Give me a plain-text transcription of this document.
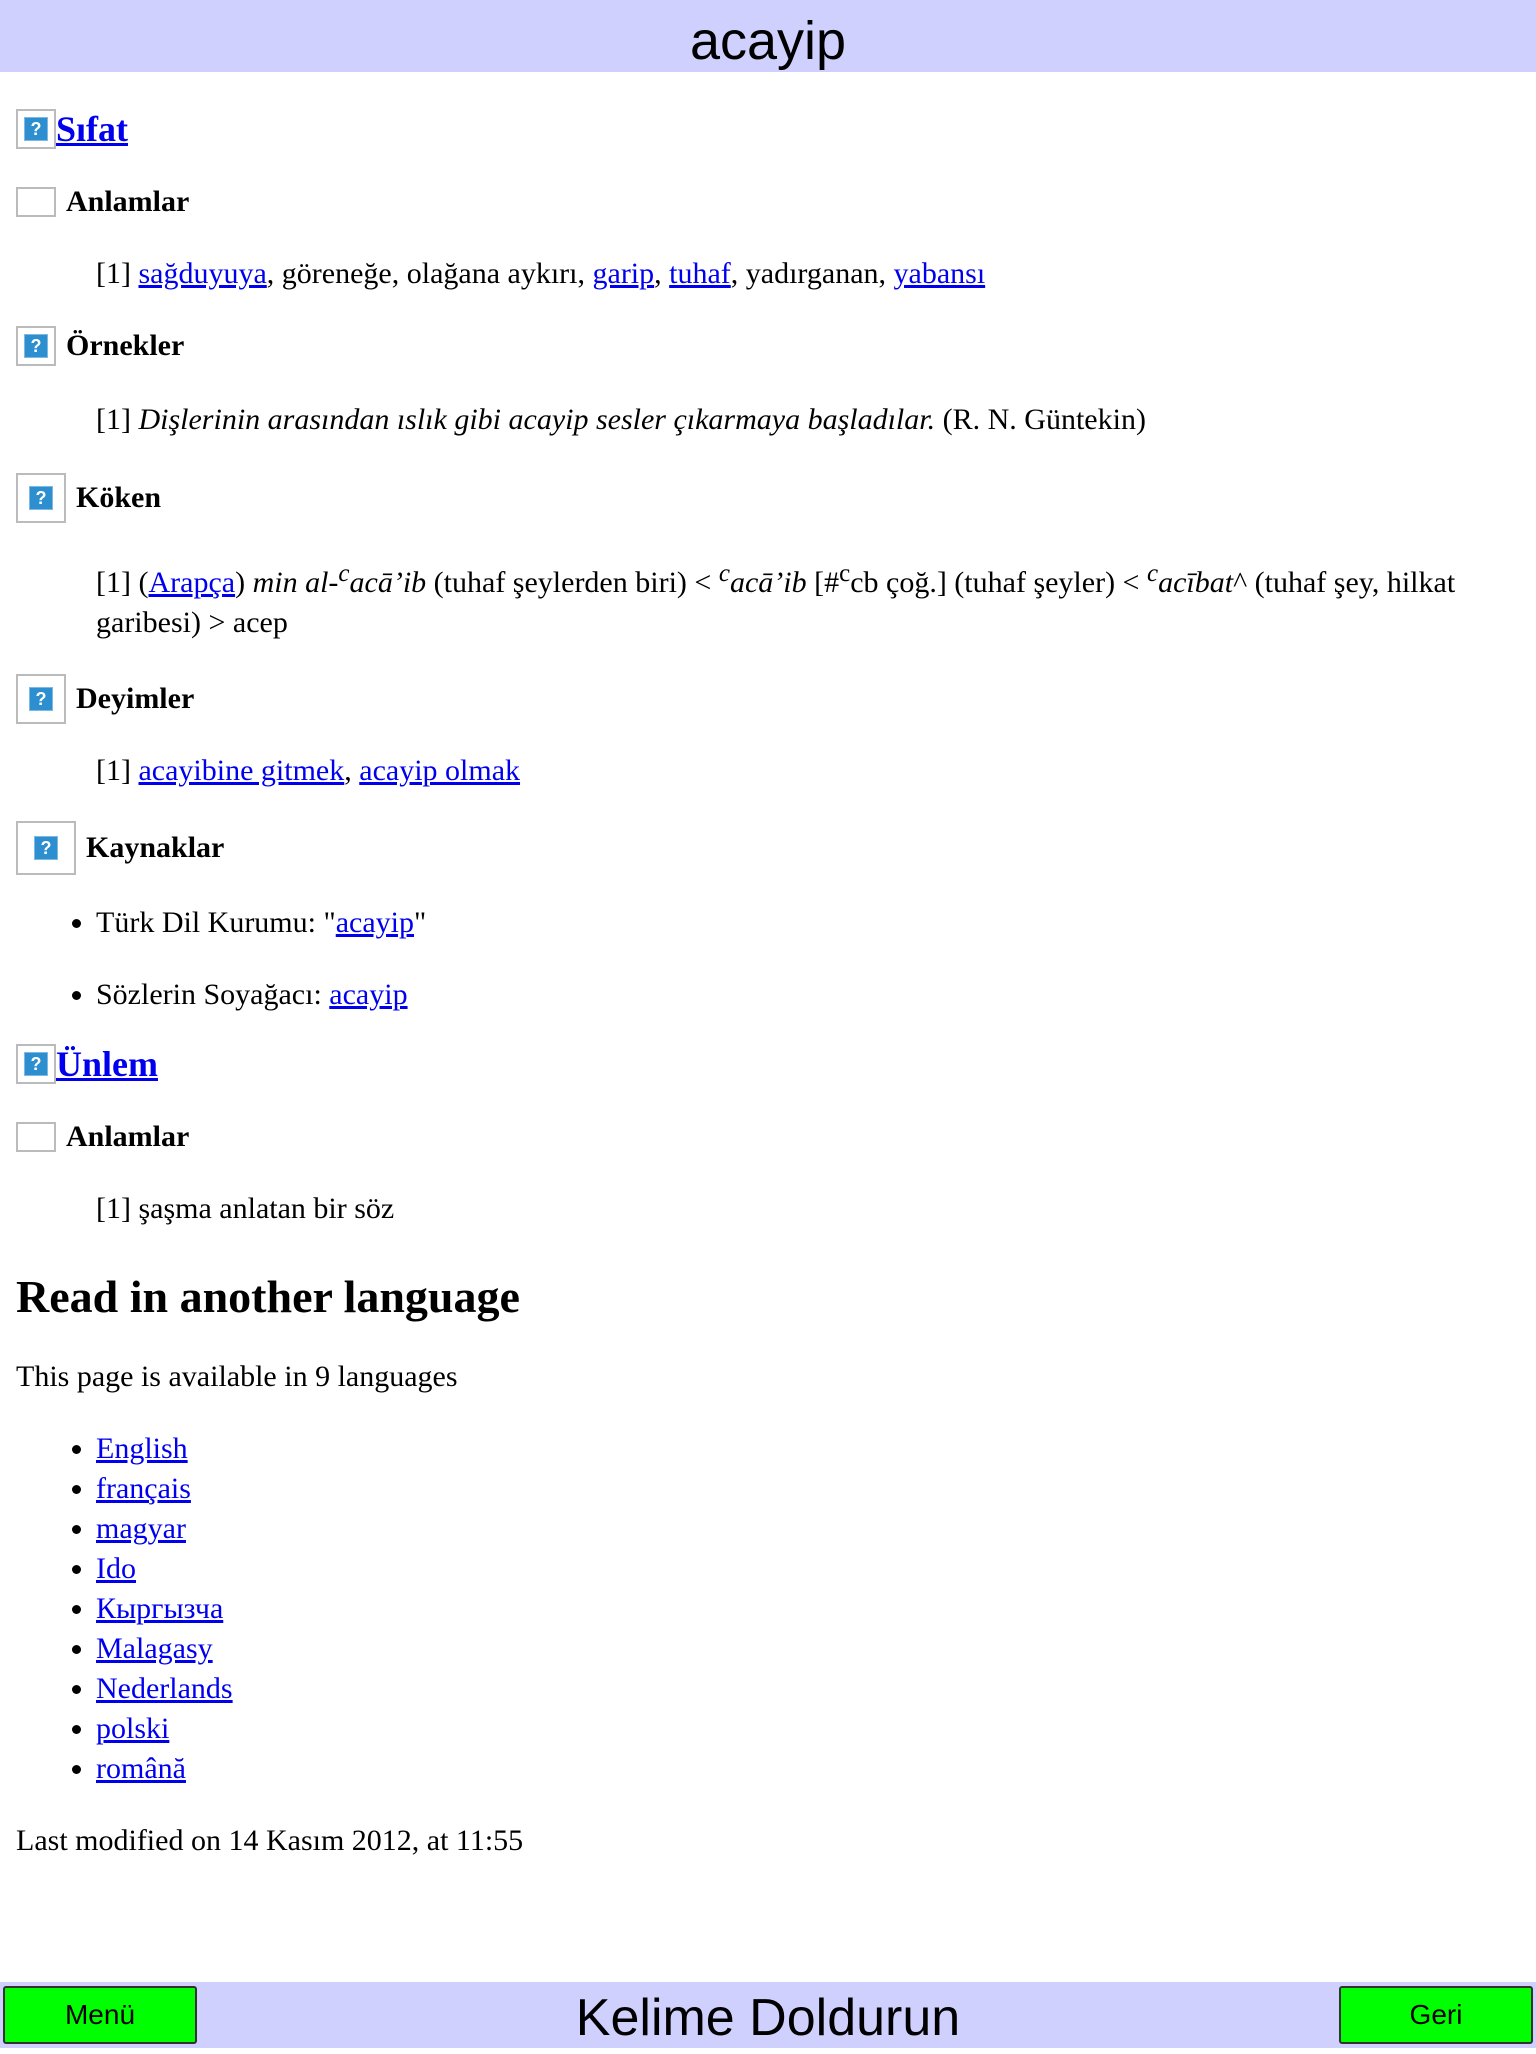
acayip
? Sıfat
Anlamlar
[1] sağduyuya, göreneğe, olağana aykırı, garip, tuhaf, yadırganan, yabansı
? Örnekler
[1] Dişlerinin arasından ıslık gibi acayip sesler çıkarmaya başladılar. (R. N. Güntekin)
? Köken
[1] (Arapça) min al-$^c$acā’ib (tuhaf şeylerden biri) < $^c$acā’ib [#$^c$cb çoğ.] (tuhaf şeyler) < $^c$acībat^ (tuhaf şey, hilkat garibesi) > acep
? Deyimler
[1] acayibine gitmek, acayip olmak
? Kaynaklar
• Türk Dil Kurumu: "acayip"
• Sözlerin Soyağacı: acayip
? Ünlem
Anlamlar
[1] şaşma anlatan bir söz
Read in another language
This page is available in 9 languages
• English
• français
• magyar
• Ido
• Кыргызча
• Malagasy
• Nederlands
• polski
• română
Last modified on 14 Kasım 2012, at 11:55
Kelime Doldurun
Menü	Geri
